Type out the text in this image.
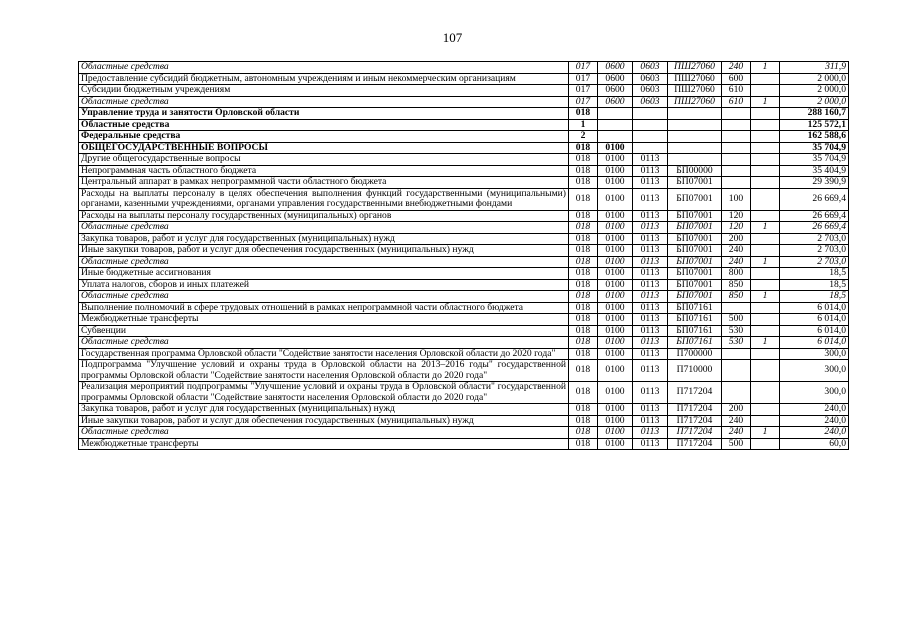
107
Областные средства	017	0600	0603	ПШ27060	240	1	311,9
Предоставление субсидий бюджетным, автономным учреждениям и иным некоммерческим организациям	017	0600	0603	ПШ27060	600		2 000,0
Субсидии бюджетным учреждениям	017	0600	0603	ПШ27060	610		2 000,0
Областные средства	017	0600	0603	ПШ27060	610	1	2 000,0
Управление труда и занятости Орловской области	018						288 160,7
Областные средства	1						125 572,1
Федеральные средства	2						162 588,6
ОБЩЕГОСУДАРСТВЕННЫЕ ВОПРОСЫ	018	0100					35 704,9
Другие общегосударственные вопросы	018	0100	0113				35 704,9
Непрограммная часть областного бюджета	018	0100	0113	БП00000			35 404,9
Центральный аппарат в рамках непрограммной части областного бюджета	018	0100	0113	БП07001			29 390,9
Расходы на выплаты персоналу в целях обеспечения выполнения функций государственными (муниципальными) органами, казенными учреждениями, органами управления государственными внебюджетными фондами	018	0100	0113	БП07001	100		26 669,4
Расходы на выплаты персоналу государственных (муниципальных) органов	018	0100	0113	БП07001	120		26 669,4
Областные средства	018	0100	0113	БП07001	120	1	26 669,4
Закупка товаров, работ и услуг для государственных (муниципальных) нужд	018	0100	0113	БП07001	200		2 703,0
Иные закупки товаров, работ и услуг для обеспечения государственных (муниципальных) нужд	018	0100	0113	БП07001	240		2 703,0
Областные средства	018	0100	0113	БП07001	240	1	2 703,0
Иные бюджетные ассигнования	018	0100	0113	БП07001	800		18,5
Уплата налогов, сборов и иных платежей	018	0100	0113	БП07001	850		18,5
Областные средства	018	0100	0113	БП07001	850	1	18,5
Выполнение полномочий в сфере трудовых отношений в рамках непрограммной части областного бюджета	018	0100	0113	БП07161			6 014,0
Межбюджетные трансферты	018	0100	0113	БП07161	500		6 014,0
Субвенции	018	0100	0113	БП07161	530		6 014,0
Областные средства	018	0100	0113	БП07161	530	1	6 014,0
Государственная программа Орловской области "Содействие занятости населения Орловской области до 2020 года"	018	0100	0113	П700000			300,0
Подпрограмма "Улучшение условий и охраны труда в Орловской области на 2013–2016 годы" государственной программы Орловской области "Содействие занятости населения Орловской области до 2020 года"	018	0100	0113	П710000			300,0
Реализация мероприятий подпрограммы "Улучшение условий и охраны труда в Орловской области" государственной программы Орловской области "Содействие занятости населения Орловской области до 2020 года"	018	0100	0113	П717204			300,0
Закупка товаров, работ и услуг для государственных (муниципальных) нужд	018	0100	0113	П717204	200		240,0
Иные закупки товаров, работ и услуг для обеспечения государственных (муниципальных) нужд	018	0100	0113	П717204	240		240,0
Областные средства	018	0100	0113	П717204	240	1	240,0
Межбюджетные трансферты	018	0100	0113	П717204	500		60,0
